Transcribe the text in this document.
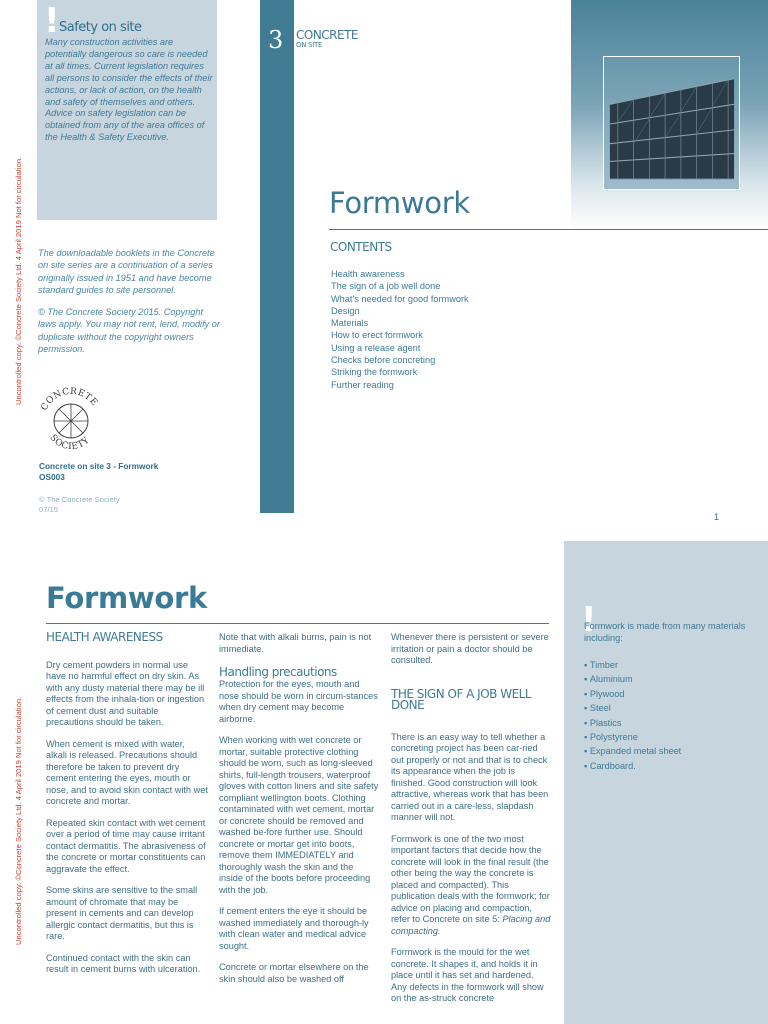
! Safety on site
Many construction activities are potentially dangerous so care is needed at all times. Current legislation requires all persons to consider the effects of their actions, or lack of action, on the health and safety of themselves and others. Advice on safety legislation can be obtained from any of the area offices of the Health & Safety Executive.
Uncontrolled copy. ©Concrete Society Ltd. 4 April 2019 Not for circulation.	The downloadable booklets in the Concrete on site series are a continuation of a series originally issued in 1951 and have become standard guides to site personnel.

© The Concrete Society 2015. Copyright laws apply. You may not rent, lend, modify or duplicate without the copyright owners permission.

CONCRETE
SOCIETY
Concrete on site 3 - Formwork
OS003
© The Concrete Society
07/15
3 CONCRETE
ON SITE
Formwork
CONTENTS
Health awareness
The sign of a job well done
What's needed for good formwork
Design
Materials
How to erect formwork
Using a release agent
Checks before concreting
Striking the formwork
Further reading
1
Uncontrolled copy. ©Concrete Society Ltd. 4 April 2019 Not for circulation.
Formwork
HEALTH AWARENESS

Dry cement powders in normal use have no harmful effect on dry skin. As with any dusty material there may be ill effects from the inhala-tion or ingestion of cement dust and suitable precautions should be taken.

When cement is mixed with water, alkali is released. Precautions should therefore be taken to prevent dry cement entering the eyes, mouth or nose, and to avoid skin contact with wet concrete and mortar.

Repeated skin contact with wet cement over a period of time may cause irritant contact dermatitis. The abrasiveness of the concrete or mortar constituents can aggravate the effect.

Some skins are sensitive to the small amount of chromate that may be present in cements and can develop allergic contact dermatitis, but this is rare.

Continued contact with the skin can result in cement burns with ulceration.

Note that with alkali burns, pain is not immediate.

Handling precautions

Protection for the eyes, mouth and nose should be worn in circum-stances when dry cement may become airborne.

When working with wet concrete or mortar, suitable protective clothing should be worn, such as long-sleeved shirts, full-length trousers, waterproof gloves with cotton liners and site safety compliant wellington boots. Clothing contaminated with wet cement, mortar or concrete should be removed and washed be-fore further use. Should concrete or mortar get into boots, remove them IMMEDIATELY and thoroughly wash the skin and the inside of the boots before proceeding with the job.

If cement enters the eye it should be washed immediately and thorough-ly with clean water and medical advice sought.

Concrete or mortar elsewhere on the skin should also be washed off

Whenever there is persistent or severe irritation or pain a doctor should be consulted.

THE SIGN OF A JOB WELL DONE

There is an easy way to tell whether a concreting project has been car-ried out properly or not and that is to check its appearance when the job is finished. Good construction will look attractive, whereas work that has been carried out in a care-less, slapdash manner will not.

Formwork is one of the two most important factors that decide how the concrete will look in the final result (the other being the way the concrete is placed and compacted). This publication deals with the formwork; for advice on placing and compaction, refer to Concrete on site 5: Placing and compacting.

Formwork is the mould for the wet concrete. It shapes it, and holds it in place until it has set and hardened. Any defects in the formwork will show on the as-struck concrete

!
Formwork is made from many materials including:
▪ Timber
▪ Aluminium
▪ Plywood
▪ Steel
▪ Plastics
▪ Polystyrene
▪ Expanded metal sheet
▪ Cardboard.
